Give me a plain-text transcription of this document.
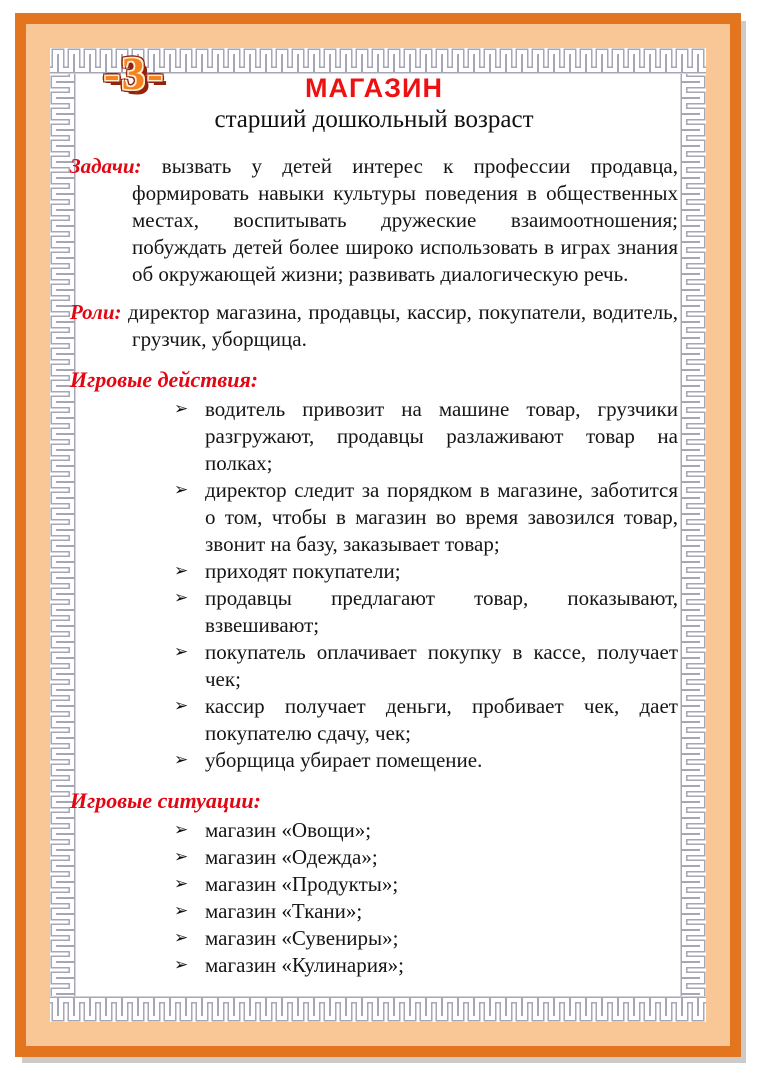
-3-	МАГАЗИН
старший дошкольный возраст

Задачи: вызвать у детей интерес к профессии продавца, формировать навыки культуры поведения в общественных местах, воспитывать дружеские взаимоотношения; побуждать детей более широко использовать в играх знания об окружающей жизни; развивать диалогическую речь.

Роли: директор магазина, продавцы, кассир, покупатели, водитель, грузчик, уборщица.

Игровые действия:
➢ водитель привозит на машине товар, грузчики разгружают, продавцы разлаживают товар на полках;
➢ директор следит за порядком в магазине, заботится о том, чтобы в магазин во время завозился товар, звонит на базу, заказывает товар;
➢ приходят покупатели;
➢ продавцы предлагают товар, показывают, взвешивают;
➢ покупатель оплачивает покупку в кассе, получает чек;
➢ кассир получает деньги, пробивает чек, дает покупателю сдачу, чек;
➢ уборщица убирает помещение.
Игровые ситуации:
➢ магазин «Овощи»;
➢ магазин «Одежда»;
➢ магазин «Продукты»;
➢ магазин «Ткани»;
➢ магазин «Сувениры»;
➢ магазин «Кулинария»;
